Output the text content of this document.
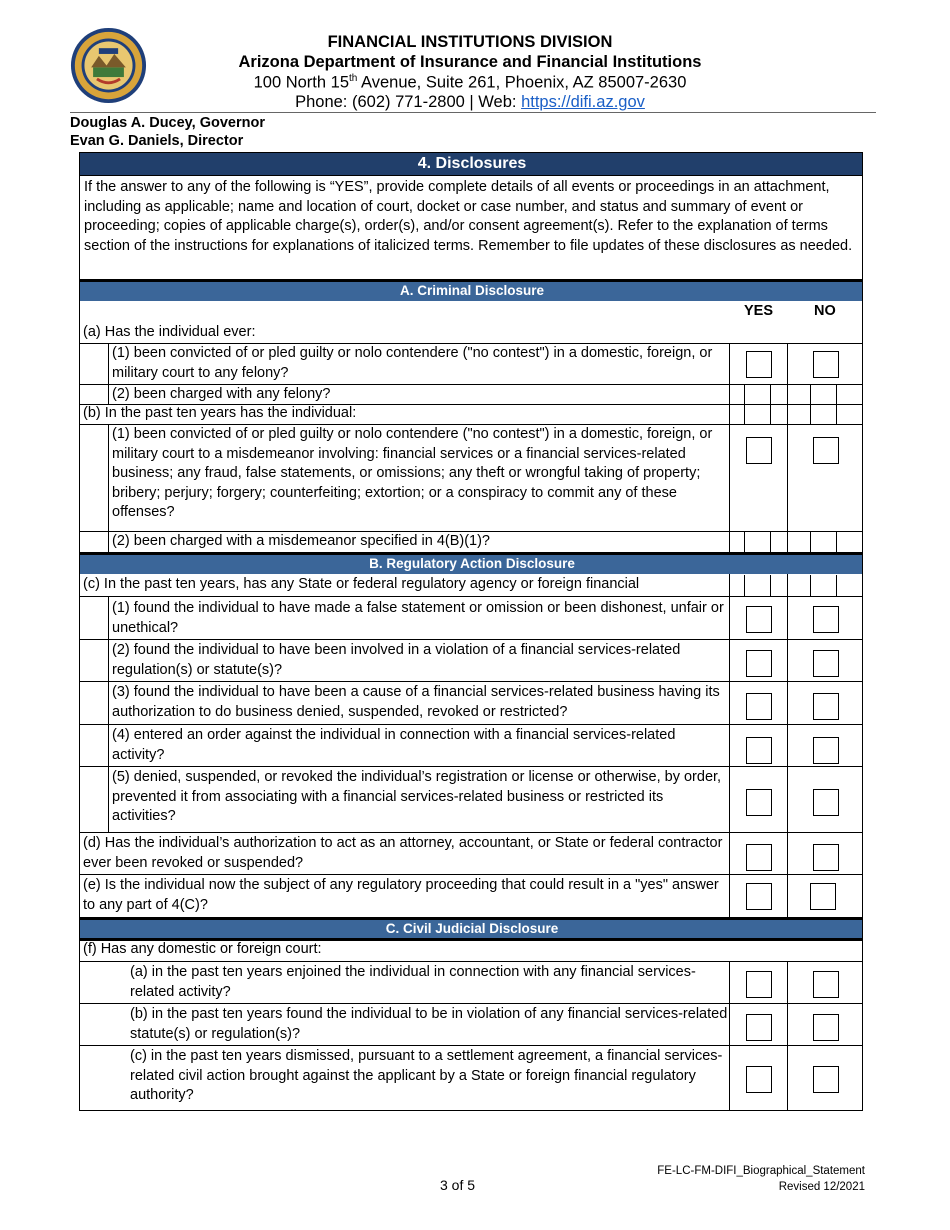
FINANCIAL INSTITUTIONS DIVISION
Arizona Department of Insurance and Financial Institutions
100 North 15th Avenue, Suite 261, Phoenix, AZ 85007-2630
Phone: (602) 771-2800 | Web: https://difi.az.gov
Douglas A. Ducey, Governor
Evan G. Daniels, Director
4. Disclosures
If the answer to any of the following is “YES”, provide complete details of all events or proceedings in an attachment, including as applicable; name and location of court, docket or case number, and status and summary of event or proceeding; copies of applicable charge(s), order(s), and/or consent agreement(s). Refer to the explanation of terms section of the instructions for explanations of italicized terms. Remember to file updates of these disclosures as needed.
A. Criminal Disclosure
YES	NO
(a) Has the individual ever:
(1) been convicted of or pled guilty or nolo contendere ("no contest") in a domestic, foreign, or military court to any felony?
(2) been charged with any felony?
(b) In the past ten years has the individual:
(1) been convicted of or pled guilty or nolo contendere ("no contest") in a domestic, foreign, or military court to a misdemeanor involving: financial services or a financial services-related business; any fraud, false statements, or omissions; any theft or wrongful taking of property; bribery; perjury; forgery; counterfeiting; extortion; or a conspiracy to commit any of these offenses?
(2) been charged with a misdemeanor specified in 4(B)(1)?
B. Regulatory Action Disclosure
(c) In the past ten years, has any State or federal regulatory agency or foreign financial
(1) found the individual to have made a false statement or omission or been dishonest, unfair or unethical?
(2) found the individual to have been involved in a violation of a financial services-related regulation(s) or statute(s)?
(3) found the individual to have been a cause of a financial services-related business having its authorization to do business denied, suspended, revoked or restricted?
(4) entered an order against the individual in connection with a financial services-related activity?
(5) denied, suspended, or revoked the individual’s registration or license or otherwise, by order, prevented it from associating with a financial services-related business or restricted its activities?
(d) Has the individual’s authorization to act as an attorney, accountant, or State or federal contractor ever been revoked or suspended?
(e) Is the individual now the subject of any regulatory proceeding that could result in a "yes" answer to any part of 4(C)?
C. Civil Judicial Disclosure
(f) Has any domestic or foreign court:
(a) in the past ten years enjoined the individual in connection with any financial services-related activity?
(b) in the past ten years found the individual to be in violation of any financial services-related statute(s) or regulation(s)?
(c) in the past ten years dismissed, pursuant to a settlement agreement, a financial services-related civil action brought against the applicant by a State or foreign financial regulatory authority?
3 of 5
FE-LC-FM-DIFI_Biographical_Statement
Revised 12/2021
